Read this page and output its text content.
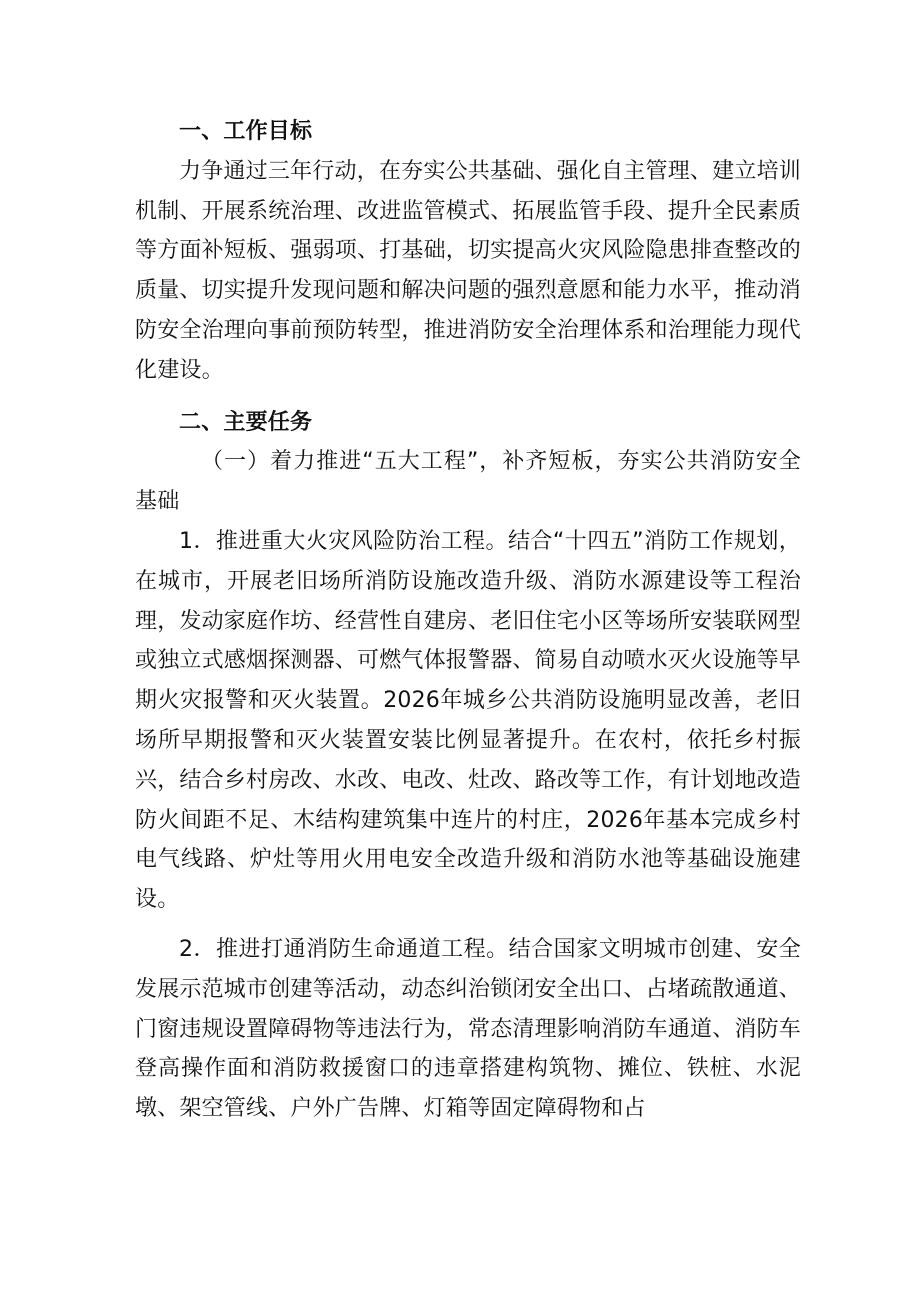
一、工作目标

力争通过三年行动，在夯实公共基础、强化自主管理、建立培训机制、开展系统治理、改进监管模式、拓展监管手段、提升全民素质等方面补短板、强弱项、打基础，切实提高火灾风险隐患排查整改的质量、切实提升发现问题和解决问题的强烈意愿和能力水平，推动消防安全治理向事前预防转型，推进消防安全治理体系和治理能力现代化建设。

二、主要任务

（一）着力推进“五大工程”，补齐短板，夯实公共消防安全基础

1．推进重大火灾风险防治工程。结合“十四五”消防工作规划，在城市，开展老旧场所消防设施改造升级、消防水源建设等工程治理，发动家庭作坊、经营性自建房、老旧住宅小区等场所安装联网型或独立式感烟探测器、可燃气体报警器、简易自动喷水灭火设施等早期火灾报警和灭火装置。2026年城乡公共消防设施明显改善，老旧场所早期报警和灭火装置安装比例显著提升。在农村，依托乡村振兴，结合乡村房改、水改、电改、灶改、路改等工作，有计划地改造防火间距不足、木结构建筑集中连片的村庄，2026年基本完成乡村电气线路、炉灶等用火用电安全改造升级和消防水池等基础设施建设。

2．推进打通消防生命通道工程。结合国家文明城市创建、安全发展示范城市创建等活动，动态纠治锁闭安全出口、占堵疏散通道、门窗违规设置障碍物等违法行为，常态清理影响消防车通道、消防车登高操作面和消防救援窗口的违章搭建构筑物、摊位、铁桩、水泥墩、架空管线、户外广告牌、灯箱等固定障碍物和占
